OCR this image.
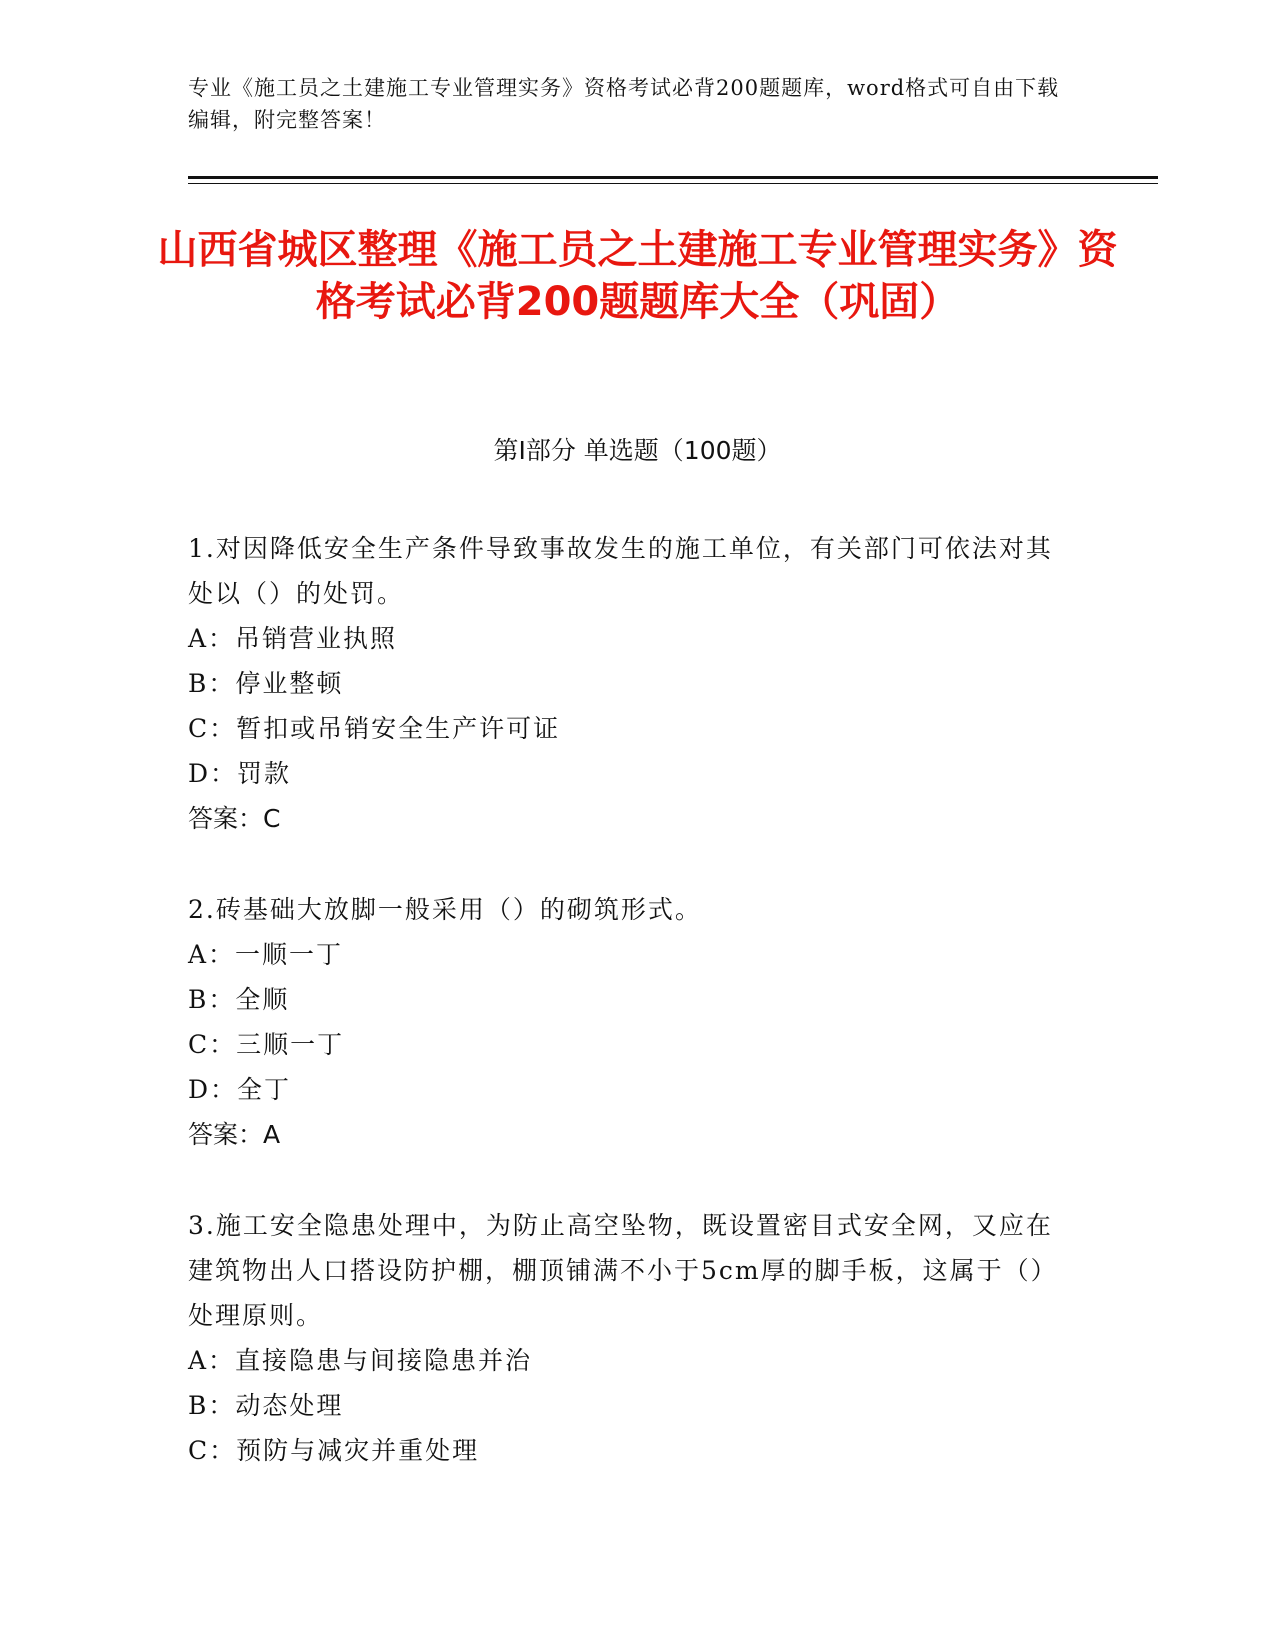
专业《施工员之土建施工专业管理实务》资格考试必背200题题库，word格式可自由下载编辑，附完整答案！
山西省城区整理《施工员之土建施工专业管理实务》资格考试必背200题题库大全（巩固）
第I部分 单选题（100题）

1.对因降低安全生产条件导致事故发生的施工单位，有关部门可依法对其处以（）的处罚。

A：吊销营业执照

B：停业整顿

C：暂扣或吊销安全生产许可证

D：罚款

答案：C

2.砖基础大放脚一般采用（）的砌筑形式。

A：一顺一丁

B：全顺

C：三顺一丁

D：全丁

答案：A

3.施工安全隐患处理中，为防止高空坠物，既设置密目式安全网，又应在建筑物出人口搭设防护棚，棚顶铺满不小于5cm厚的脚手板，这属于（）处理原则。

A：直接隐患与间接隐患并治

B：动态处理

C：预防与减灾并重处理
